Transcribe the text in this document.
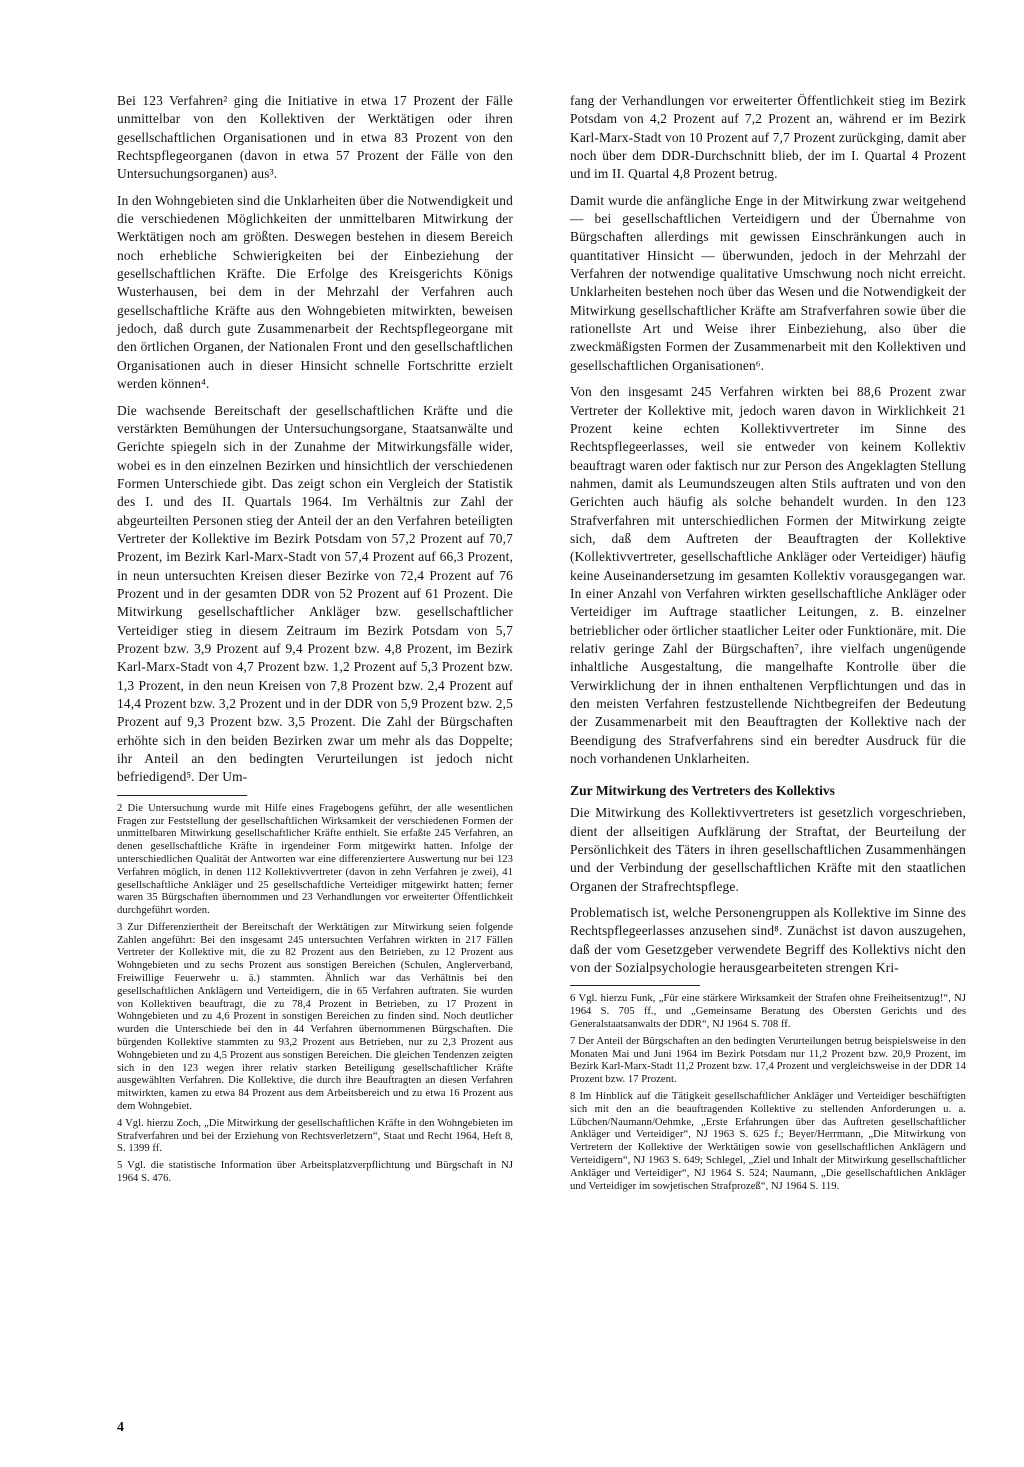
Bei 123 Verfahren² ging die Initiative in etwa 17 Prozent der Fälle unmittelbar von den Kollektiven der Werktätigen oder ihren gesellschaftlichen Organisationen und in etwa 83 Prozent von den Rechtspflegeorganen (davon in etwa 57 Prozent der Fälle von den Untersuchungsorganen) aus³.

In den Wohngebieten sind die Unklarheiten über die Notwendigkeit und die verschiedenen Möglichkeiten der unmittelbaren Mitwirkung der Werktätigen noch am größten. Deswegen bestehen in diesem Bereich noch erhebliche Schwierigkeiten bei der Einbeziehung der gesellschaftlichen Kräfte. Die Erfolge des Kreisgerichts Königs Wusterhausen, bei dem in der Mehrzahl der Verfahren auch gesellschaftliche Kräfte aus den Wohngebieten mitwirkten, beweisen jedoch, daß durch gute Zusammenarbeit der Rechtspflegeorgane mit den örtlichen Organen, der Nationalen Front und den gesellschaftlichen Organisationen auch in dieser Hinsicht schnelle Fortschritte erzielt werden können⁴.

Die wachsende Bereitschaft der gesellschaftlichen Kräfte und die verstärkten Bemühungen der Untersuchungsorgane, Staatsanwälte und Gerichte spiegeln sich in der Zunahme der Mitwirkungsfälle wider, wobei es in den einzelnen Bezirken und hinsichtlich der verschiedenen Formen Unterschiede gibt. Das zeigt schon ein Vergleich der Statistik des I. und des II. Quartals 1964. Im Verhältnis zur Zahl der abgeurteilten Personen stieg der Anteil der an den Verfahren beteiligten Vertreter der Kollektive im Bezirk Potsdam von 57,2 Prozent auf 70,7 Prozent, im Bezirk Karl-Marx-Stadt von 57,4 Prozent auf 66,3 Prozent, in neun untersuchten Kreisen dieser Bezirke von 72,4 Prozent auf 76 Prozent und in der gesamten DDR von 52 Prozent auf 61 Prozent. Die Mitwirkung gesellschaftlicher Ankläger bzw. gesellschaftlicher Verteidiger stieg in diesem Zeitraum im Bezirk Potsdam von 5,7 Prozent bzw. 3,9 Prozent auf 9,4 Prozent bzw. 4,8 Prozent, im Bezirk Karl-Marx-Stadt von 4,7 Prozent bzw. 1,2 Prozent auf 5,3 Prozent bzw. 1,3 Prozent, in den neun Kreisen von 7,8 Prozent bzw. 2,4 Prozent auf 14,4 Prozent bzw. 3,2 Prozent und in der DDR von 5,9 Prozent bzw. 2,5 Prozent auf 9,3 Prozent bzw. 3,5 Prozent. Die Zahl der Bürgschaften erhöhte sich in den beiden Bezirken zwar um mehr als das Doppelte; ihr Anteil an den bedingten Verurteilungen ist jedoch nicht befriedigend⁵. Der Um-

2 Die Untersuchung wurde mit Hilfe eines Fragebogens geführt, der alle wesentlichen Fragen zur Feststellung der gesellschaftlichen Wirksamkeit der verschiedenen Formen der unmittelbaren Mitwirkung gesellschaftlicher Kräfte enthielt. Sie erfaßte 245 Verfahren, an denen gesellschaftliche Kräfte in irgendeiner Form mitgewirkt hatten. Infolge der unterschiedlichen Qualität der Antworten war eine differenziertere Auswertung nur bei 123 Verfahren möglich, in denen 112 Kollektivvertreter (davon in zehn Verfahren je zwei), 41 gesellschaftliche Ankläger und 25 gesellschaftliche Verteidiger mitgewirkt hatten; ferner waren 35 Bürgschaften übernommen und 23 Verhandlungen vor erweiterter Öffentlichkeit durchgeführt worden.

3 Zur Differenziertheit der Bereitschaft der Werktätigen zur Mitwirkung seien folgende Zahlen angeführt: Bei den insgesamt 245 untersuchten Verfahren wirkten in 217 Fällen Vertreter der Kollektive mit, die zu 82 Prozent aus den Betrieben, zu 12 Prozent aus Wohngebieten und zu sechs Prozent aus sonstigen Bereichen (Schulen, Anglerverband, Freiwillige Feuerwehr u. ä.) stammten. Ähnlich war das Verhältnis bei den gesellschaftlichen Anklägern und Verteidigern, die in 65 Verfahren auftraten. Sie wurden von Kollektiven beauftragt, die zu 78,4 Prozent in Betrieben, zu 17 Prozent in Wohngebieten und zu 4,6 Prozent in sonstigen Bereichen zu finden sind. Noch deutlicher wurden die Unterschiede bei den in 44 Verfahren übernommenen Bürgschaften. Die bürgenden Kollektive stammten zu 93,2 Prozent aus Betrieben, nur zu 2,3 Prozent aus Wohngebieten und zu 4,5 Prozent aus sonstigen Bereichen. Die gleichen Tendenzen zeigten sich in den 123 wegen ihrer relativ starken Beteiligung gesellschaftlicher Kräfte ausgewählten Verfahren. Die Kollektive, die durch ihre Beauftragten an diesen Verfahren mitwirkten, kamen zu etwa 84 Prozent aus dem Arbeitsbereich und zu etwa 16 Prozent aus dem Wohngebiet.

4 Vgl. hierzu Zoch, „Die Mitwirkung der gesellschaftlichen Kräfte in den Wohngebieten im Strafverfahren und bei der Erziehung von Rechtsverletzern“, Staat und Recht 1964, Heft 8, S. 1399 ff.

5 Vgl. die statistische Information über Arbeitsplatzverpflichtung und Bürgschaft in NJ 1964 S. 476.

fang der Verhandlungen vor erweiterter Öffentlichkeit stieg im Bezirk Potsdam von 4,2 Prozent auf 7,2 Prozent an, während er im Bezirk Karl-Marx-Stadt von 10 Prozent auf 7,7 Prozent zurückging, damit aber noch über dem DDR-Durchschnitt blieb, der im I. Quartal 4 Prozent und im II. Quartal 4,8 Prozent betrug.

Damit wurde die anfängliche Enge in der Mitwirkung zwar weitgehend — bei gesellschaftlichen Verteidigern und der Übernahme von Bürgschaften allerdings mit gewissen Einschränkungen auch in quantitativer Hinsicht — überwunden, jedoch in der Mehrzahl der Verfahren der notwendige qualitative Umschwung noch nicht erreicht. Unklarheiten bestehen noch über das Wesen und die Notwendigkeit der Mitwirkung gesellschaftlicher Kräfte am Strafverfahren sowie über die rationellste Art und Weise ihrer Einbeziehung, also über die zweckmäßigsten Formen der Zusammenarbeit mit den Kollektiven und gesellschaftlichen Organisationen⁶.

Von den insgesamt 245 Verfahren wirkten bei 88,6 Prozent zwar Vertreter der Kollektive mit, jedoch waren davon in Wirklichkeit 21 Prozent keine echten Kollektivvertreter im Sinne des Rechtspflegeerlasses, weil sie entweder von keinem Kollektiv beauftragt waren oder faktisch nur zur Person des Angeklagten Stellung nahmen, damit als Leumundszeugen alten Stils auftraten und von den Gerichten auch häufig als solche behandelt wurden. In den 123 Strafverfahren mit unterschiedlichen Formen der Mitwirkung zeigte sich, daß dem Auftreten der Beauftragten der Kollektive (Kollektivvertreter, gesellschaftliche Ankläger oder Verteidiger) häufig keine Auseinandersetzung im gesamten Kollektiv vorausgegangen war. In einer Anzahl von Verfahren wirkten gesellschaftliche Ankläger oder Verteidiger im Auftrage staatlicher Leitungen, z. B. einzelner betrieblicher oder örtlicher staatlicher Leiter oder Funktionäre, mit. Die relativ geringe Zahl der Bürgschaften⁷, ihre vielfach ungenügende inhaltliche Ausgestaltung, die mangelhafte Kontrolle über die Verwirklichung der in ihnen enthaltenen Verpflichtungen und das in den meisten Verfahren festzustellende Nichtbegreifen der Bedeutung der Zusammenarbeit mit den Beauftragten der Kollektive nach der Beendigung des Strafverfahrens sind ein beredter Ausdruck für die noch vorhandenen Unklarheiten.

Zur Mitwirkung des Vertreters des Kollektivs

Die Mitwirkung des Kollektivvertreters ist gesetzlich vorgeschrieben, dient der allseitigen Aufklärung der Straftat, der Beurteilung der Persönlichkeit des Täters in ihren gesellschaftlichen Zusammenhängen und der Verbindung der gesellschaftlichen Kräfte mit den staatlichen Organen der Strafrechtspflege.

Problematisch ist, welche Personengruppen als Kollektive im Sinne des Rechtspflegeerlasses anzusehen sind⁸. Zunächst ist davon auszugehen, daß der vom Gesetzgeber verwendete Begriff des Kollektivs nicht den von der Sozialpsychologie herausgearbeiteten strengen Kri-

6 Vgl. hierzu Funk, „Für eine stärkere Wirksamkeit der Strafen ohne Freiheitsentzug!“, NJ 1964 S. 705 ff., und „Gemeinsame Beratung des Obersten Gerichts und des Generalstaatsanwalts der DDR“, NJ 1964 S. 708 ff.

7 Der Anteil der Bürgschaften an den bedingten Verurteilungen betrug beispielsweise in den Monaten Mai und Juni 1964 im Bezirk Potsdam nur 11,2 Prozent bzw. 20,9 Prozent, im Bezirk Karl-Marx-Stadt 11,2 Prozent bzw. 17,4 Prozent und vergleichsweise in der DDR 14 Prozent bzw. 17 Prozent.

8 Im Hinblick auf die Tätigkeit gesellschaftlicher Ankläger und Verteidiger beschäftigten sich mit den an die beauftragenden Kollektive zu stellenden Anforderungen u. a. Lübchen/Naumann/Oehmke, „Erste Erfahrungen über das Auftreten gesellschaftlicher Ankläger und Verteidiger“, NJ 1963 S. 625 f.; Beyer/Herrmann, „Die Mitwirkung von Vertretern der Kollektive der Werktätigen sowie von gesellschaftlichen Anklägern und Verteidigern“, NJ 1963 S. 649; Schlegel, „Ziel und Inhalt der Mitwirkung gesellschaftlicher Ankläger und Verteidiger“, NJ 1964 S. 524; Naumann, „Die gesellschaftlichen Ankläger und Verteidiger im sowjetischen Strafprozeß“, NJ 1964 S. 119.

4
